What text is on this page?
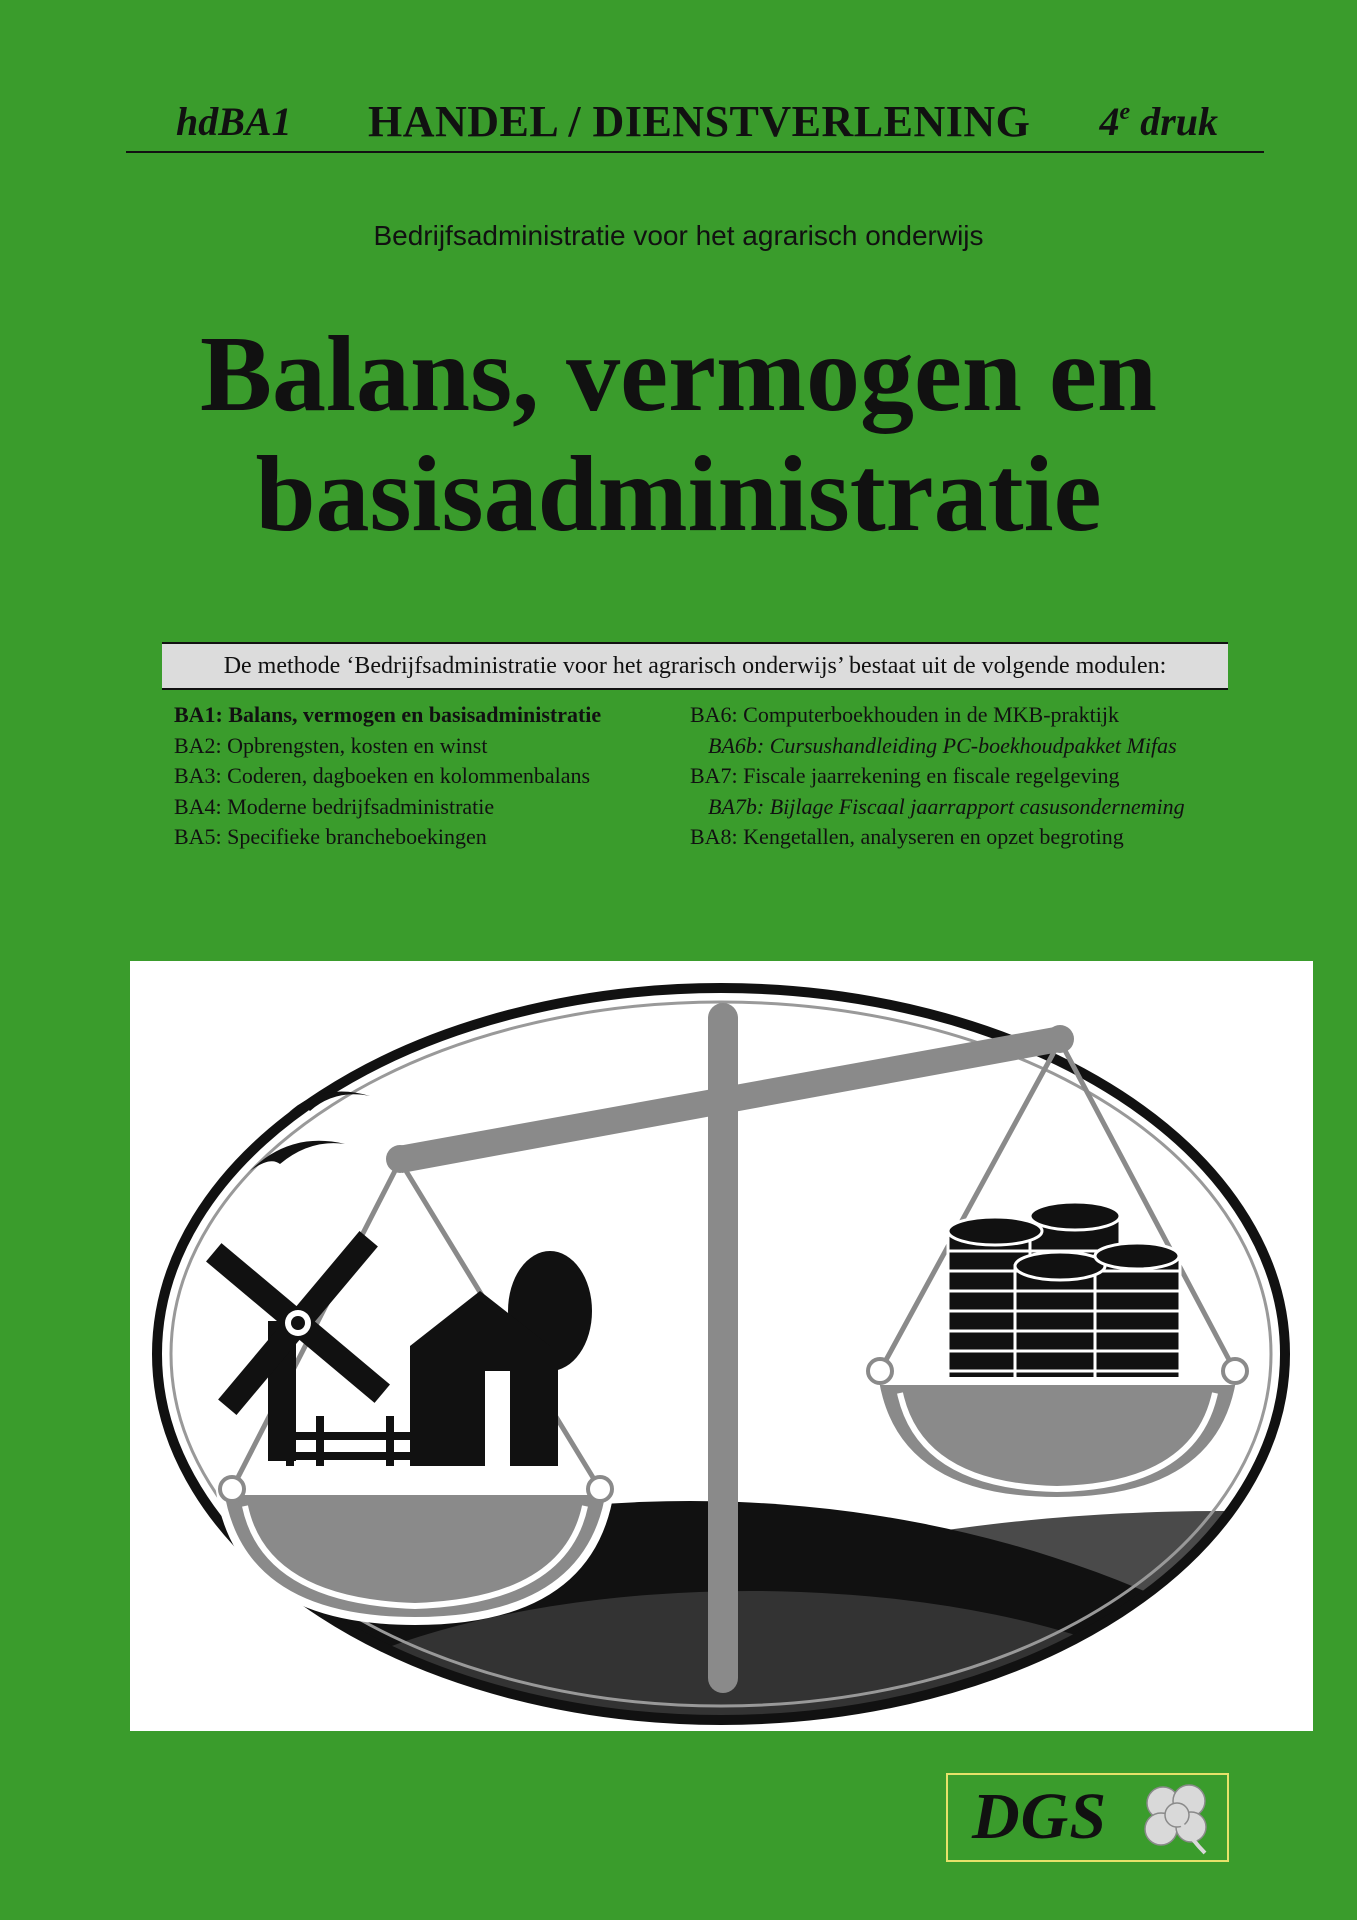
hdBA1 HANDEL / DIENSTVERLENING 4e druk
Bedrijfsadministratie voor het agrarisch onderwijs
Balans, vermogen en
basisadministratie
De methode ‘Bedrijfsadministratie voor het agrarisch onderwijs’ bestaat uit de volgende modulen:
BA1: Balans, vermogen en basisadministratie
BA2: Opbrengsten, kosten en winst
BA3: Coderen, dagboeken en kolommenbalans
BA4: Moderne bedrijfsadministratie
BA5: Specifieke brancheboekingen
BA6: Computerboekhouden in de MKB-praktijk
BA6b: Cursushandleiding PC-boekhoudpakket Mifas
BA7: Fiscale jaarrekening en fiscale regelgeving
BA7b: Bijlage Fiscaal jaarrapport casusonderneming
BA8: Kengetallen, analyseren en opzet begroting
DGS
